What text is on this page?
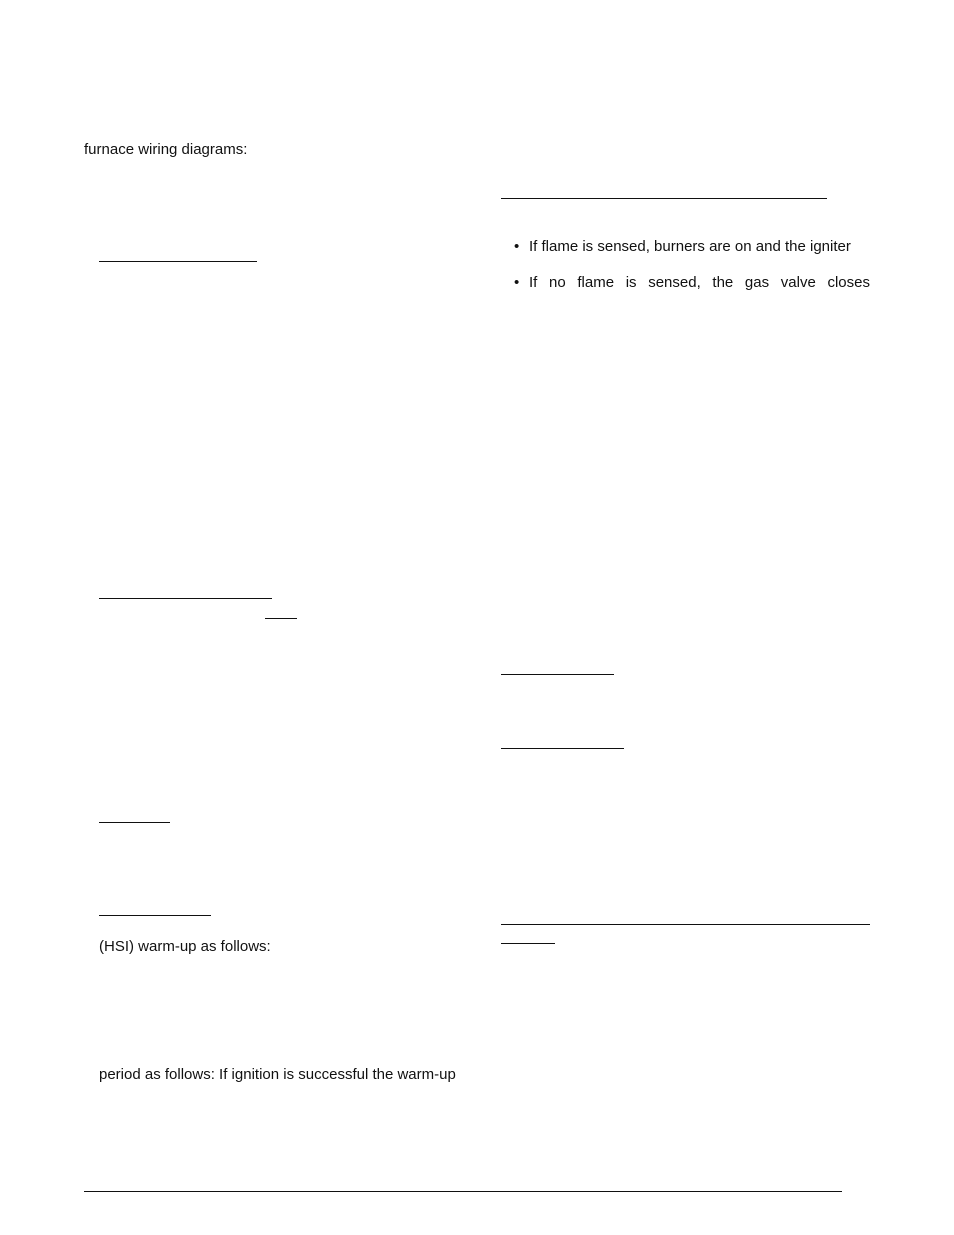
furnace wiring diagrams:
(HSI) warm-up as follows:
period as follows: If ignition is successful the warm-up
• If flame is sensed, burners are on and the igniter
• If no flame is sensed, the gas valve closes
